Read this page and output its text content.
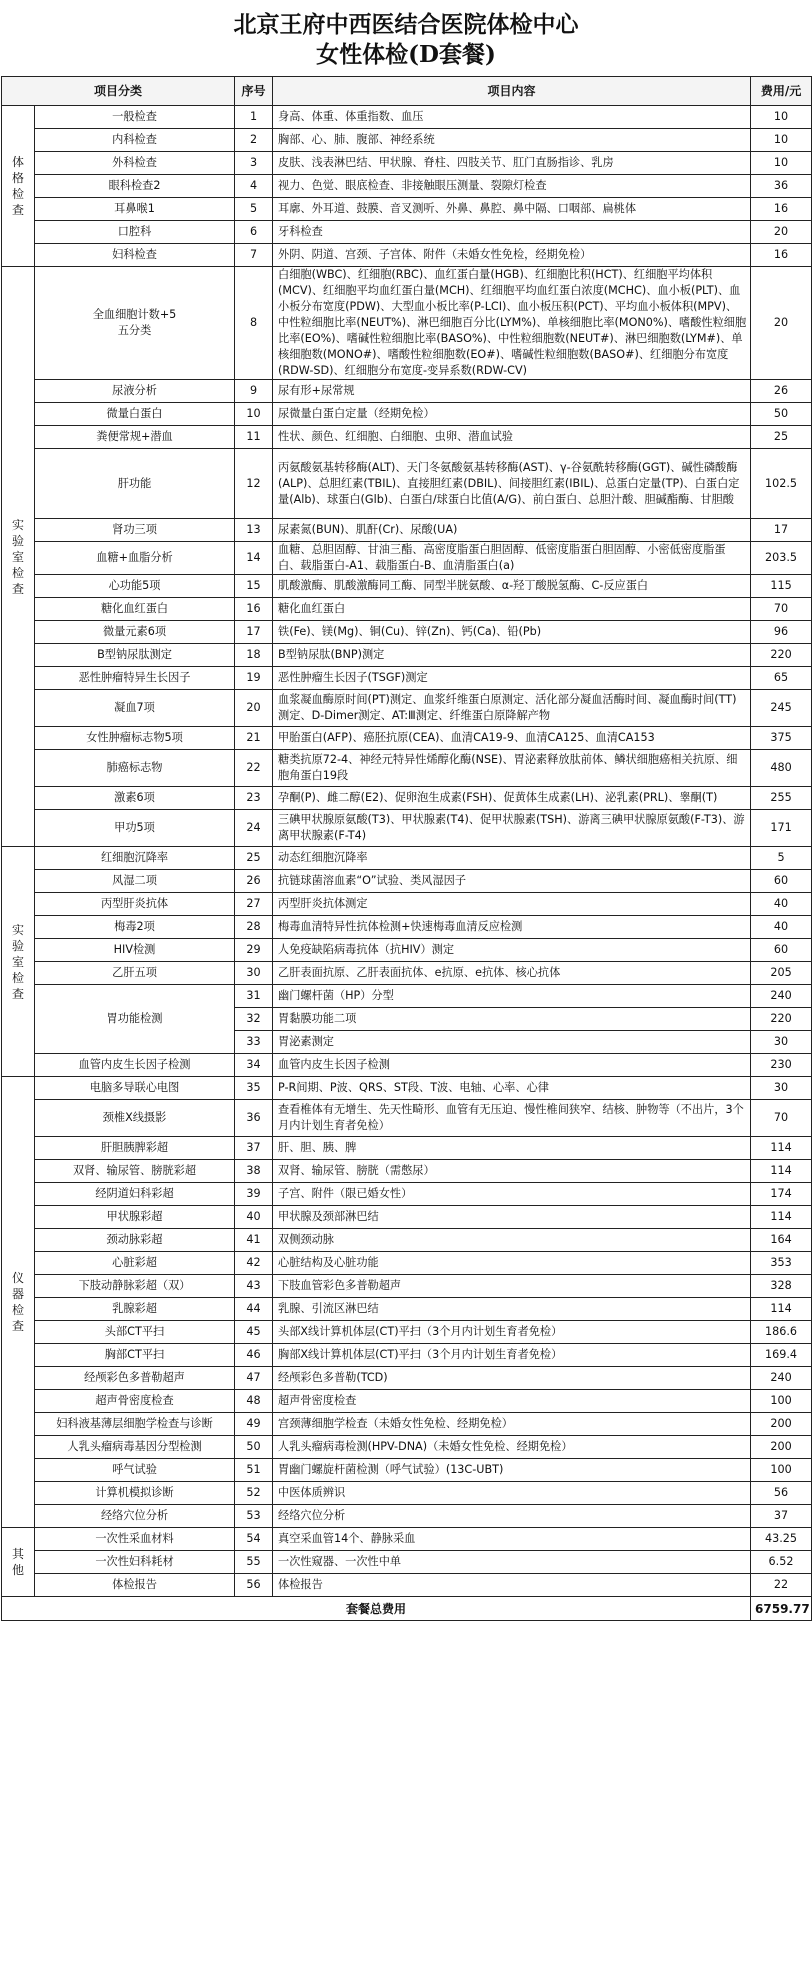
北京王府中西医结合医院体检中心
女性体检(D套餐)
项目分类		序号	项目内容	费用/元
体格检查	一般检查	1	身高、体重、体重指数、血压	10
	内科检查	2	胸部、心、肺、腹部、神经系统	10
	外科检查	3	皮肤、浅表淋巴结、甲状腺、脊柱、四肢关节、肛门直肠指诊、乳房	10
	眼科检查2	4	视力、色觉、眼底检查、非接触眼压测量、裂隙灯检查	36
	耳鼻喉1	5	耳廓、外耳道、鼓膜、音叉测听、外鼻、鼻腔、鼻中隔、口咽部、扁桃体	16
	口腔科	6	牙科检查	20
	妇科检查	7	外阴、阴道、宫颈、子宫体、附件（未婚女性免检，经期免检）	16
实验室检查	全血细胞计数+5
五分类	8	白细胞(WBC)、红细胞(RBC)、血红蛋白量(HGB)、红细胞比积(HCT)、红细胞平均体积(MCV)、红细胞平均血红蛋白量(MCH)、红细胞平均血红蛋白浓度(MCHC)、血小板(PLT)、血小板分布宽度(PDW)、大型血小板比率(P-LCI)、血小板压积(PCT)、平均血小板体积(MPV)、中性粒细胞比率(NEUT%)、淋巴细胞百分比(LYM%)、单核细胞比率(MON0%)、嗜酸性粒细胞比率(EO%)、嗜碱性粒细胞比率(BASO%)、中性粒细胞数(NEUT#)、淋巴细胞数(LYM#)、单核细胞数(MONO#)、嗜酸性粒细胞数(EO#)、嗜碱性粒细胞数(BASO#)、红细胞分布宽度(RDW-SD)、红细胞分布宽度-变异系数(RDW-CV)	20
	尿液分析	9	尿有形+尿常规	26
	微量白蛋白	10	尿微量白蛋白定量（经期免检）	50
	粪便常规+潜血	11	性状、颜色、红细胞、白细胞、虫卵、潜血试验	25
	肝功能	12	丙氨酸氨基转移酶(ALT)、天门冬氨酸氨基转移酶(AST)、γ-谷氨酰转移酶(GGT)、碱性磷酸酶(ALP)、总胆红素(TBIL)、直接胆红素(DBIL)、间接胆红素(IBIL)、总蛋白定量(TP)、白蛋白定量(Alb)、球蛋白(Glb)、白蛋白/球蛋白比值(A/G)、前白蛋白、总胆汁酸、胆碱酯酶、甘胆酸	102.5
	肾功三项	13	尿素氮(BUN)、肌酐(Cr)、尿酸(UA)	17
	血糖+血脂分析	14	血糖、总胆固醇、甘油三酯、高密度脂蛋白胆固醇、低密度脂蛋白胆固醇、小密低密度脂蛋白、载脂蛋白-A1、载脂蛋白-B、血清脂蛋白(a)	203.5
	心功能5项	15	肌酸激酶、肌酸激酶同工酶、同型半胱氨酸、α-羟丁酸脱氢酶、C-反应蛋白	115
	糖化血红蛋白	16	糖化血红蛋白	70
	微量元素6项	17	铁(Fe)、镁(Mg)、铜(Cu)、锌(Zn)、钙(Ca)、铅(Pb)	96
	B型钠尿肽测定	18	B型钠尿肽(BNP)测定	220
	恶性肿瘤特异生长因子	19	恶性肿瘤生长因子(TSGF)测定	65
	凝血7项	20	血浆凝血酶原时间(PT)测定、血浆纤维蛋白原测定、活化部分凝血活酶时间、凝血酶时间(TT)测定、D-Dimer测定、AT:Ⅲ测定、纤维蛋白原降解产物	245
	女性肿瘤标志物5项	21	甲胎蛋白(AFP)、癌胚抗原(CEA)、血清CA19-9、血清CA125、血清CA153	375
	肺癌标志物	22	糖类抗原72-4、神经元特异性烯醇化酶(NSE)、胃泌素释放肽前体、鳞状细胞癌相关抗原、细胞角蛋白19段	480
	激素6项	23	孕酮(P)、雌二醇(E2)、促卵泡生成素(FSH)、促黄体生成素(LH)、泌乳素(PRL)、睾酮(T)	255
	甲功5项	24	三碘甲状腺原氨酸(T3)、甲状腺素(T4)、促甲状腺素(TSH)、游离三碘甲状腺原氨酸(F-T3)、游离甲状腺素(F-T4)	171
实验室检查	红细胞沉降率	25	动态红细胞沉降率	5
	风湿二项	26	抗链球菌溶血素“O”试验、类风湿因子	60
	丙型肝炎抗体	27	丙型肝炎抗体测定	40
	梅毒2项	28	梅毒血清特异性抗体检测+快速梅毒血清反应检测	40
	HIV检测	29	人免疫缺陷病毒抗体（抗HIV）测定	60
	乙肝五项	30	乙肝表面抗原、乙肝表面抗体、e抗原、e抗体、核心抗体	205
	胃功能检测	31	幽门螺杆菌（HP）分型	240
		32	胃黏膜功能二项	220
		33	胃泌素测定	30
	血管内皮生长因子检测	34	血管内皮生长因子检测	230
仪器检查	电脑多导联心电图	35	P-R间期、P波、QRS、ST段、T波、电轴、心率、心律	30
	颈椎X线摄影	36	查看椎体有无增生、先天性畸形、血管有无压迫、慢性椎间狭窄、结核、肿物等（不出片，3个月内计划生育者免检）	70
	肝胆胰脾彩超	37	肝、胆、胰、脾	114
	双肾、输尿管、膀胱彩超	38	双肾、输尿管、膀胱（需憋尿）	114
	经阴道妇科彩超	39	子宫、附件（限已婚女性）	174
	甲状腺彩超	40	甲状腺及颈部淋巴结	114
	颈动脉彩超	41	双侧颈动脉	164
	心脏彩超	42	心脏结构及心脏功能	353
	下肢动静脉彩超（双）	43	下肢血管彩色多普勒超声	328
	乳腺彩超	44	乳腺、引流区淋巴结	114
	头部CT平扫	45	头部X线计算机体层(CT)平扫（3个月内计划生育者免检）	186.6
	胸部CT平扫	46	胸部X线计算机体层(CT)平扫（3个月内计划生育者免检）	169.4
	经颅彩色多普勒超声	47	经颅彩色多普勒(TCD)	240
	超声骨密度检查	48	超声骨密度检查	100
	妇科液基薄层细胞学检查与诊断	49	宫颈薄细胞学检查（未婚女性免检、经期免检）	200
	人乳头瘤病毒基因分型检测	50	人乳头瘤病毒检测(HPV-DNA)（未婚女性免检、经期免检）	200
	呼气试验	51	胃幽门螺旋杆菌检测（呼气试验）(13C-UBT)	100
	计算机模拟诊断	52	中医体质辨识	56
	经络穴位分析	53	经络穴位分析	37
其他	一次性采血材料	54	真空采血管14个、静脉采血	43.25
	一次性妇科耗材	55	一次性窥器、一次性中单	6.52
	体检报告	56	体检报告	22
套餐总费用				6759.77
